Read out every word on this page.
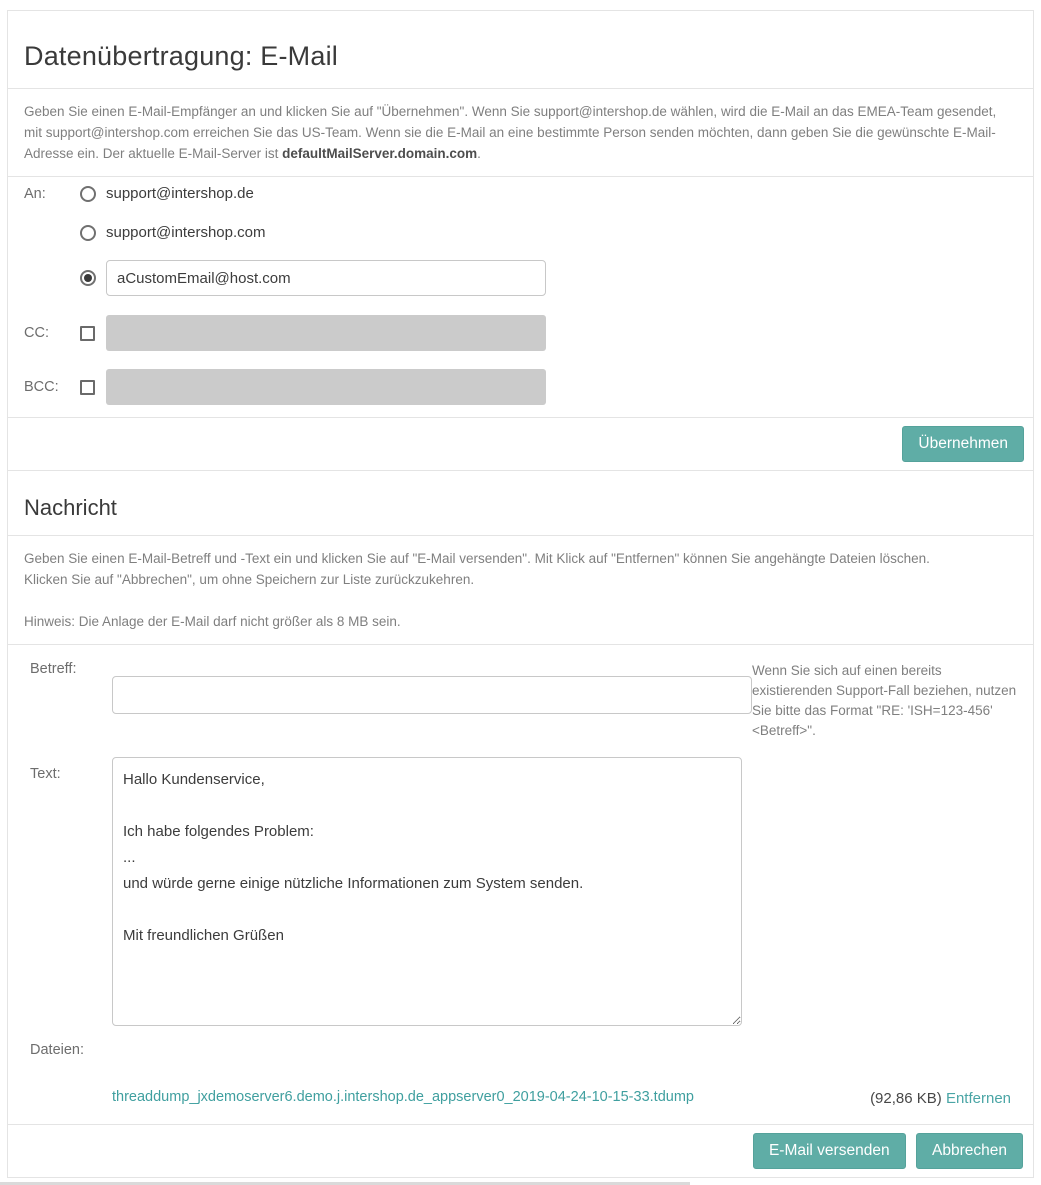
Datenübertragung: E-Mail
Geben Sie einen E-Mail-Empfänger an und klicken Sie auf "Übernehmen". Wenn Sie support@intershop.de wählen, wird die E-Mail an das EMEA-Team gesendet, mit support@intershop.com erreichen Sie das US-Team. Wenn sie die E-Mail an eine bestimmte Person senden möchten, dann geben Sie die gewünschte E-Mail-Adresse ein. Der aktuelle E-Mail-Server ist defaultMailServer.domain.com.
An:	support@intershop.de
support@intershop.com
aCustomEmail@host.com
CC:
BCC:
Übernehmen
Nachricht
Geben Sie einen E-Mail-Betreff und -Text ein und klicken Sie auf "E-Mail versenden". Mit Klick auf "Entfernen" können Sie angehängte Dateien löschen.
Klicken Sie auf "Abbrechen", um ohne Speichern zur Liste zurückzukehren.
Hinweis: Die Anlage der E-Mail darf nicht größer als 8 MB sein.
Betreff:	Wenn Sie sich auf einen bereits existierenden Support-Fall beziehen, nutzen Sie bitte das Format "RE: 'ISH=123-456' <Betreff>".
Text:
Hallo Kundenservice, Ich habe folgendes Problem: ... und würde gerne einige nützliche Informationen zum System senden. Mit freundlichen Grüßen
Dateien:
threaddump_jxdemoserver6.demo.j.intershop.de_appserver0_2019-04-24-10-15-33.tdump	(92,86 KB) Entfernen
E-Mail versenden	Abbrechen
